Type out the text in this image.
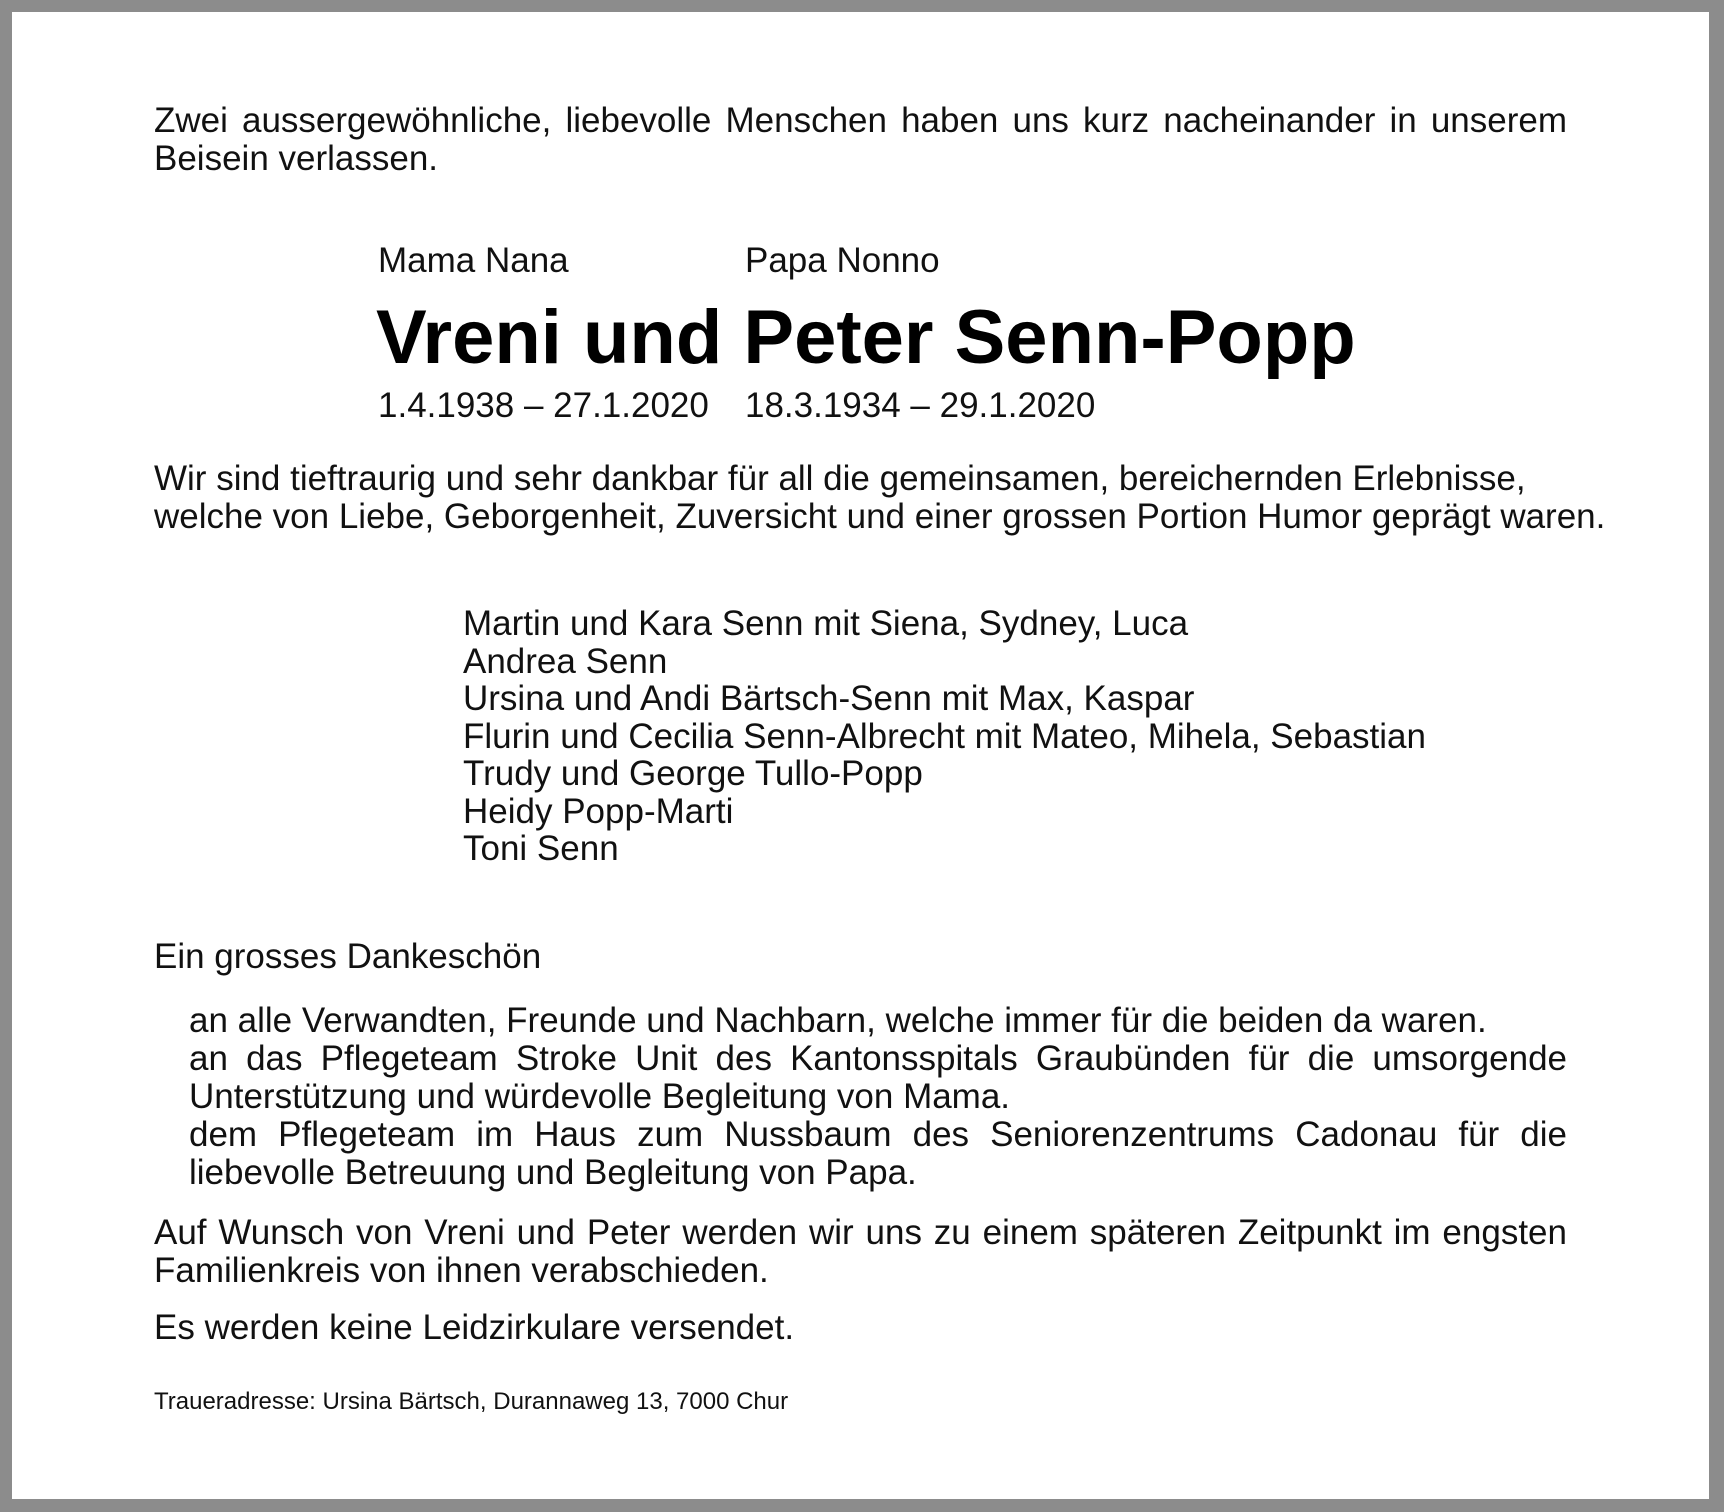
Zwei aussergewöhnliche, liebevolle Menschen haben uns kurz nacheinander in unserem Beisein verlassen.

Mama Nana	Papa Nonno
Vreni und Peter Senn-Popp
1.4.1938 – 27.1.2020 18.3.1934 – 29.1.2020
Wir sind tieftraurig und sehr dankbar für all die gemeinsamen, bereichernden Erlebnisse,
welche von Liebe, Geborgenheit, Zuversicht und einer grossen Portion Humor geprägt waren.
Martin und Kara Senn mit Siena, Sydney, Luca
Andrea Senn
Ursina und Andi Bärtsch-Senn mit Max, Kaspar
Flurin und Cecilia Senn-Albrecht mit Mateo, Mihela, Sebastian
Trudy und George Tullo-Popp
Heidy Popp-Marti
Toni Senn
Ein grosses Dankeschön

an alle Verwandten, Freunde und Nachbarn, welche immer für die beiden da waren.

an das Pflegeteam Stroke Unit des Kantonsspitals Graubünden für die umsorgende Unterstützung und würdevolle Begleitung von Mama.

dem Pflegeteam im Haus zum Nussbaum des Seniorenzentrums Cadonau für die liebevolle Betreuung und Begleitung von Papa.

Auf Wunsch von Vreni und Peter werden wir uns zu einem späteren Zeitpunkt im engsten Familienkreis von ihnen verabschieden.

Es werden keine Leidzirkulare versendet.

Traueradresse: Ursina Bärtsch, Durannaweg 13, 7000 Chur
